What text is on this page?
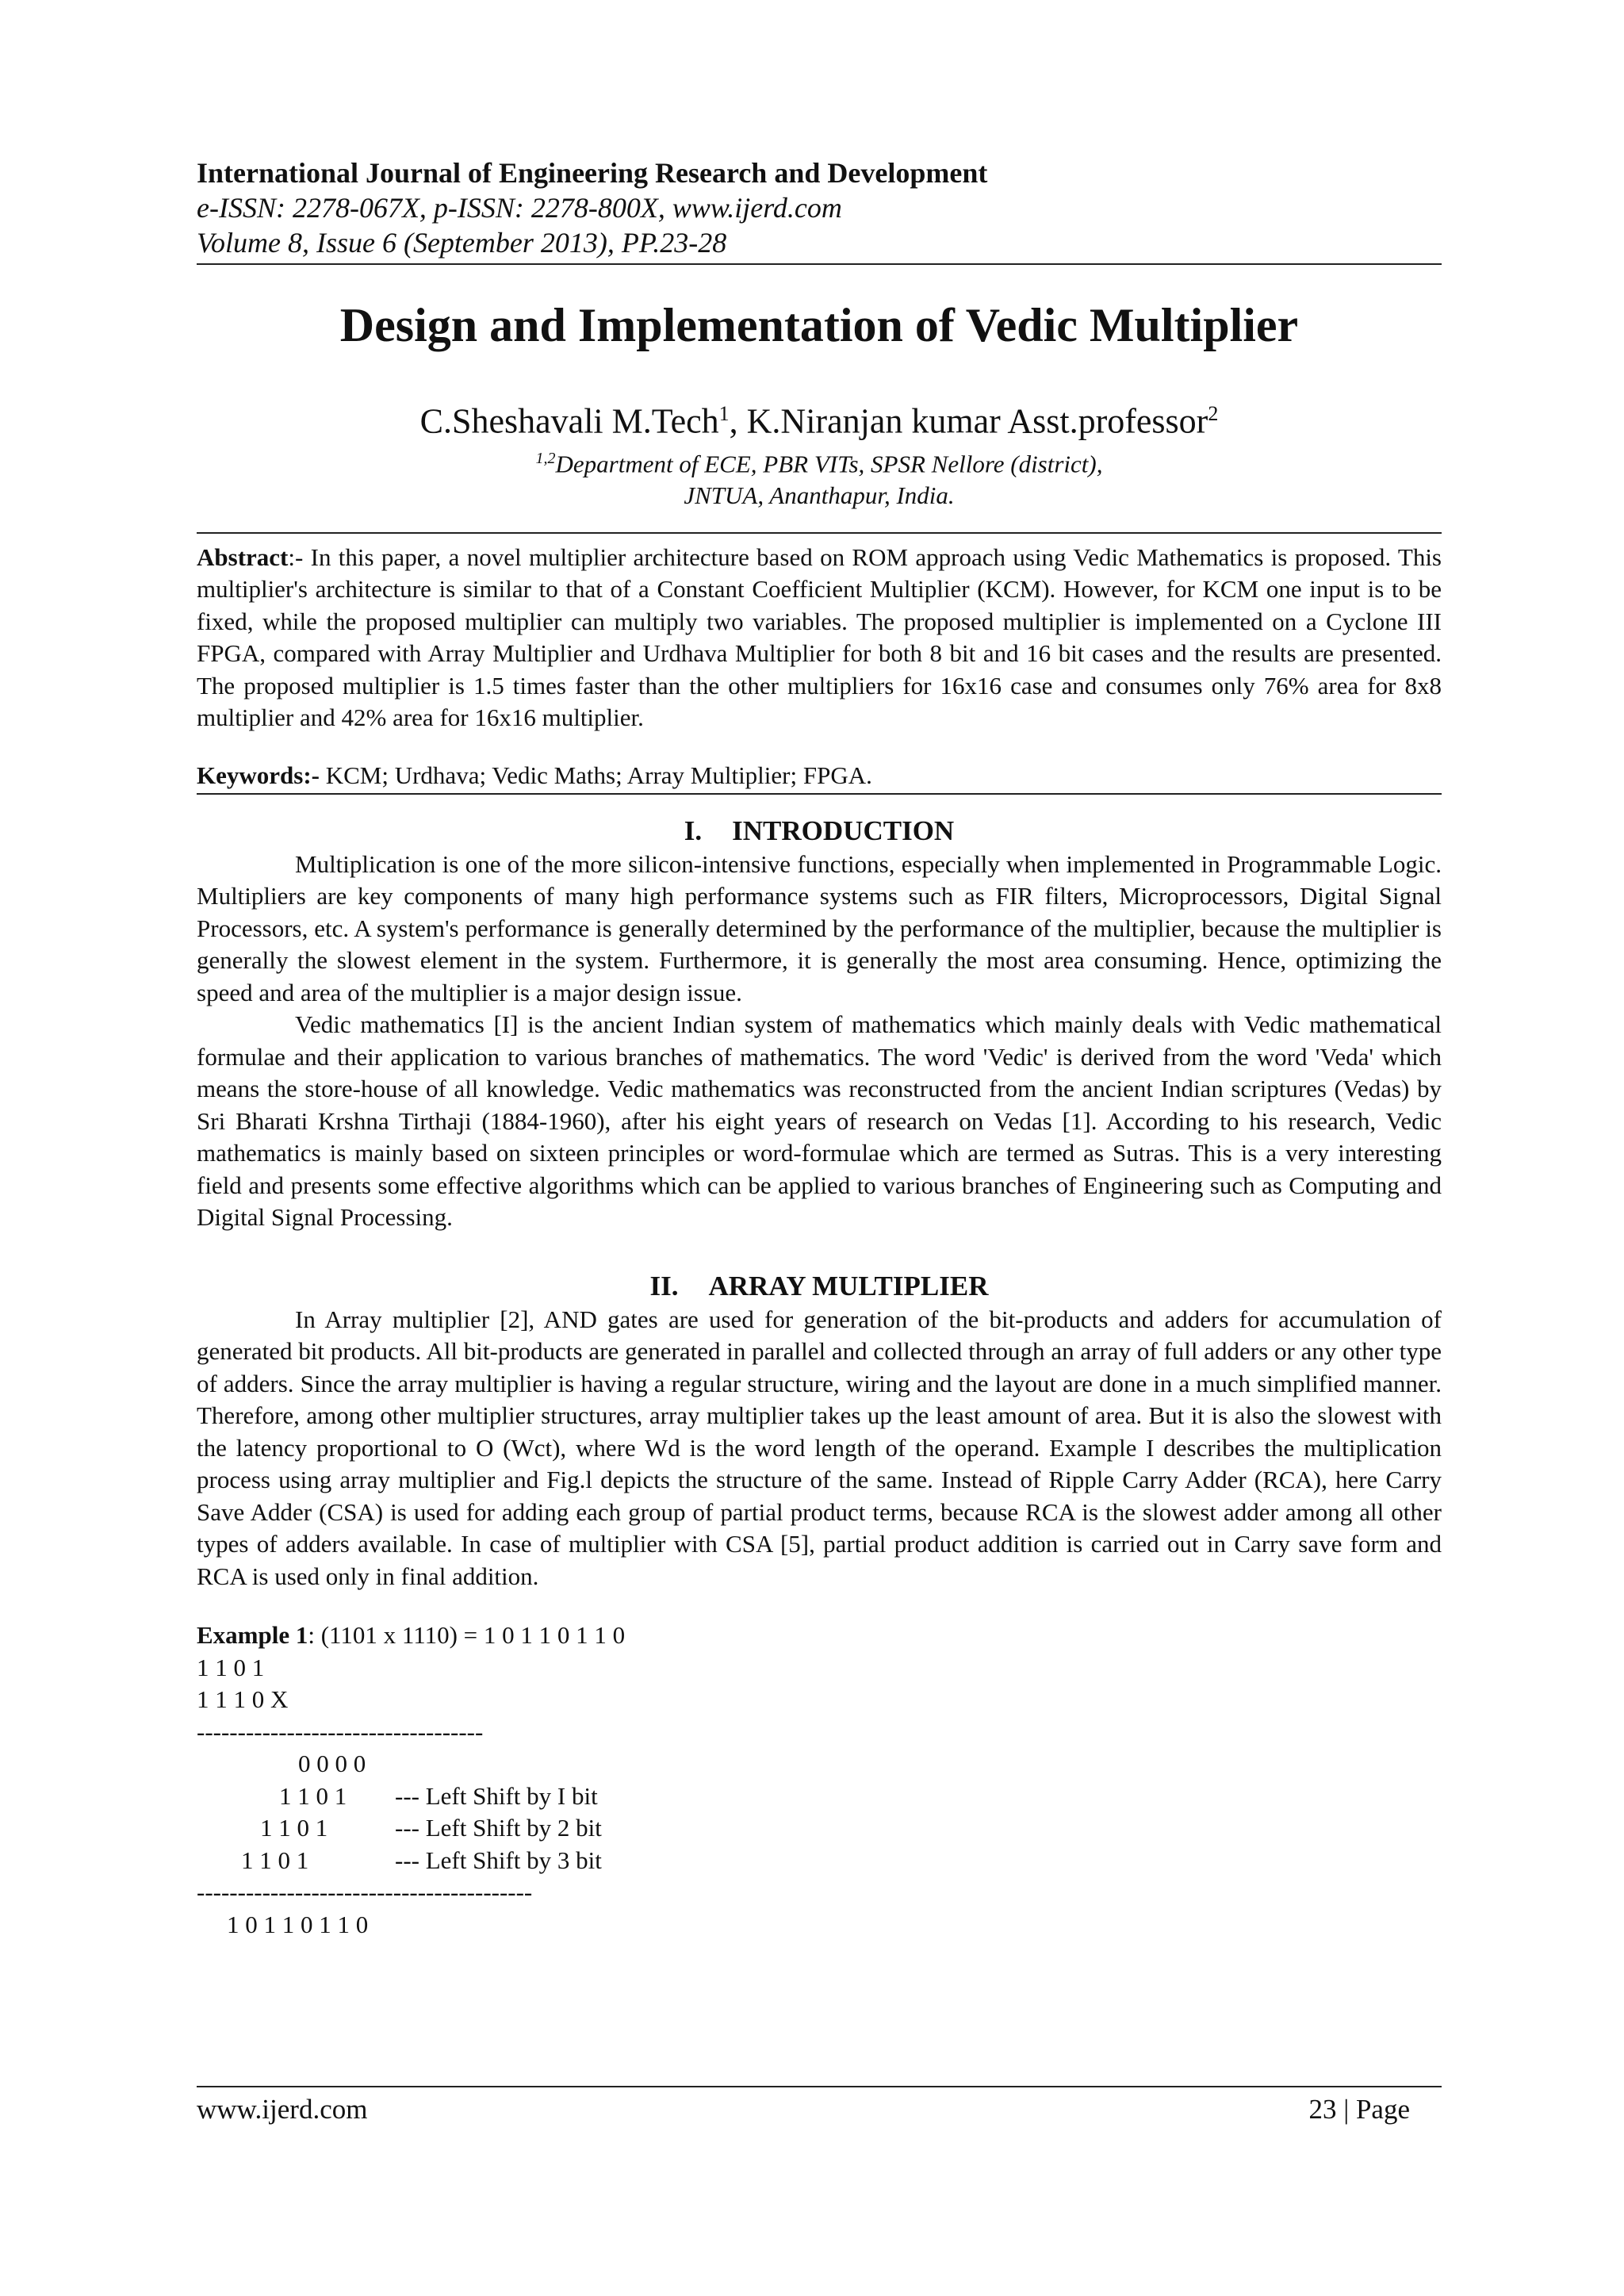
International Journal of Engineering Research and Development
e-ISSN: 2278-067X, p-ISSN: 2278-800X, www.ijerd.com
Volume 8, Issue 6 (September 2013), PP.23-28
Design and Implementation of Vedic Multiplier
C.Sheshavali M.Tech$^1$, K.Niranjan kumar Asst.professor$^2$
$^{1,2}$Department of ECE, PBR VITs, SPSR Nellore (district),
JNTUA, Ananthapur, India.
Abstract:- In this paper, a novel multiplier architecture based on ROM approach using Vedic Mathematics is proposed. This multiplier's architecture is similar to that of a Constant Coefficient Multiplier (KCM). However, for KCM one input is to be fixed, while the proposed multiplier can multiply two variables. The proposed multiplier is implemented on a Cyclone III FPGA, compared with Array Multiplier and Urdhava Multiplier for both 8 bit and 16 bit cases and the results are presented. The proposed multiplier is 1.5 times faster than the other multipliers for 16x16 case and consumes only 76% area for 8x8 multiplier and 42% area for 16x16 multiplier.
Keywords:- KCM; Urdhava; Vedic Maths; Array Multiplier; FPGA.
I. INTRODUCTION
Multiplication is one of the more silicon-intensive functions, especially when implemented in Programmable Logic. Multipliers are key components of many high performance systems such as FIR filters, Microprocessors, Digital Signal Processors, etc. A system's performance is generally determined by the performance of the multiplier, because the multiplier is generally the slowest element in the system. Furthermore, it is generally the most area consuming. Hence, optimizing the speed and area of the multiplier is a major design issue.
Vedic mathematics [I] is the ancient Indian system of mathematics which mainly deals with Vedic mathematical formulae and their application to various branches of mathematics. The word 'Vedic' is derived from the word 'Veda' which means the store-house of all knowledge. Vedic mathematics was reconstructed from the ancient Indian scriptures (Vedas) by Sri Bharati Krshna Tirthaji (1884-1960), after his eight years of research on Vedas [1]. According to his research, Vedic mathematics is mainly based on sixteen principles or word-formulae which are termed as Sutras. This is a very interesting field and presents some effective algorithms which can be applied to various branches of Engineering such as Computing and Digital Signal Processing.
II. ARRAY MULTIPLIER
In Array multiplier [2], AND gates are used for generation of the bit-products and adders for accumulation of generated bit products. All bit-products are generated in parallel and collected through an array of full adders or any other type of adders. Since the array multiplier is having a regular structure, wiring and the layout are done in a much simplified manner. Therefore, among other multiplier structures, array multiplier takes up the least amount of area. But it is also the slowest with the latency proportional to O (Wct), where Wd is the word length of the operand. Example I describes the multiplication process using array multiplier and Fig.l depicts the structure of the same. Instead of Ripple Carry Adder (RCA), here Carry Save Adder (CSA) is used for adding each group of partial product terms, because RCA is the slowest adder among all other types of adders available. In case of multiplier with CSA [5], partial product addition is carried out in Carry save form and RCA is used only in final addition.
Example 1: (1101 x 1110) = 1 0 1 1 0 1 1 0
1 1 0 1
1 1 1 0 X
-----------------------------------
0 0 0 0
1 1 0 1 --- Left Shift by I bit
1 1 0 1	--- Left Shift by 2 bit
1 1 0 1	--- Left Shift by 3 bit
-----------------------------------------
1 0 1 1 0 1 1 0
www.ijerd.com	23 | Page
